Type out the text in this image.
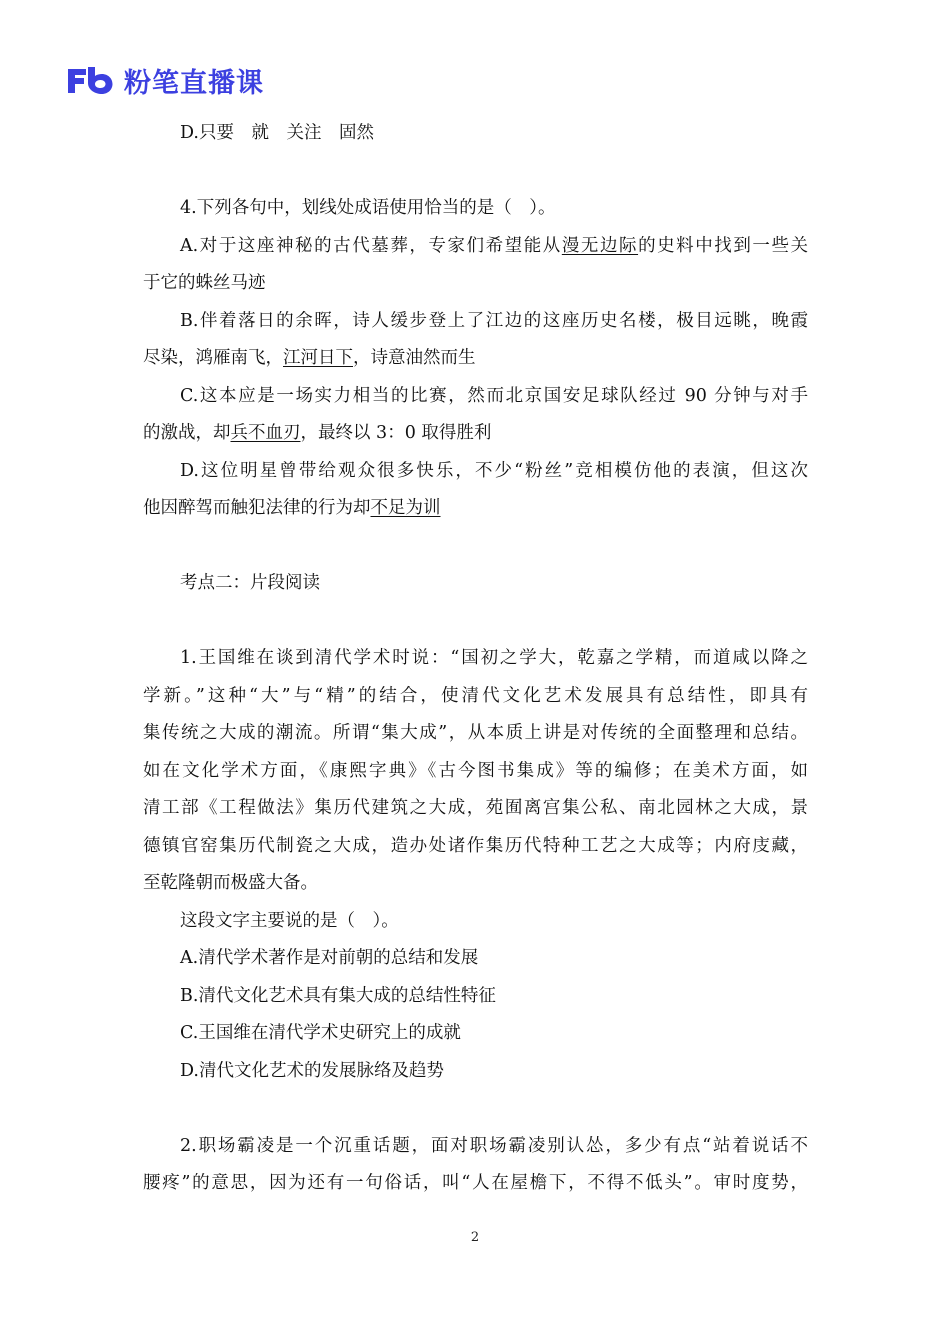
粉笔直播课
D.只要　就　关注　固然
4.下列各句中，划线处成语使用恰当的是（　）。
A.对于这座神秘的古代墓葬，专家们希望能从漫无边际的史料中找到一些关
于它的蛛丝马迹
B.伴着落日的余晖，诗人缓步登上了江边的这座历史名楼，极目远眺，晚霞
尽染，鸿雁南飞，江河日下，诗意油然而生
C.这本应是一场实力相当的比赛，然而北京国安足球队经过 90 分钟与对手
的激战，却兵不血刃，最终以 3：0 取得胜利
D.这位明星曾带给观众很多快乐，不少“粉丝”竞相模仿他的表演，但这次
他因醉驾而触犯法律的行为却不足为训
考点二：片段阅读
1.王国维在谈到清代学术时说：“国初之学大，乾嘉之学精，而道咸以降之
学新。”这种“大”与“精”的结合，使清代文化艺术发展具有总结性，即具有
集传统之大成的潮流。所谓“集大成”，从本质上讲是对传统的全面整理和总结。
如在文化学术方面，《康熙字典》《古今图书集成》等的编修；在美术方面，如
清工部《工程做法》集历代建筑之大成，苑囿离宫集公私、南北园林之大成，景
德镇官窑集历代制瓷之大成，造办处诸作集历代特种工艺之大成等；内府庋藏，
至乾隆朝而极盛大备。
这段文字主要说的是（　）。
A.清代学术著作是对前朝的总结和发展
B.清代文化艺术具有集大成的总结性特征
C.王国维在清代学术史研究上的成就
D.清代文化艺术的发展脉络及趋势
2.职场霸凌是一个沉重话题，面对职场霸凌别认怂，多少有点“站着说话不
腰疼”的意思，因为还有一句俗话，叫“人在屋檐下，不得不低头”。审时度势，
2
